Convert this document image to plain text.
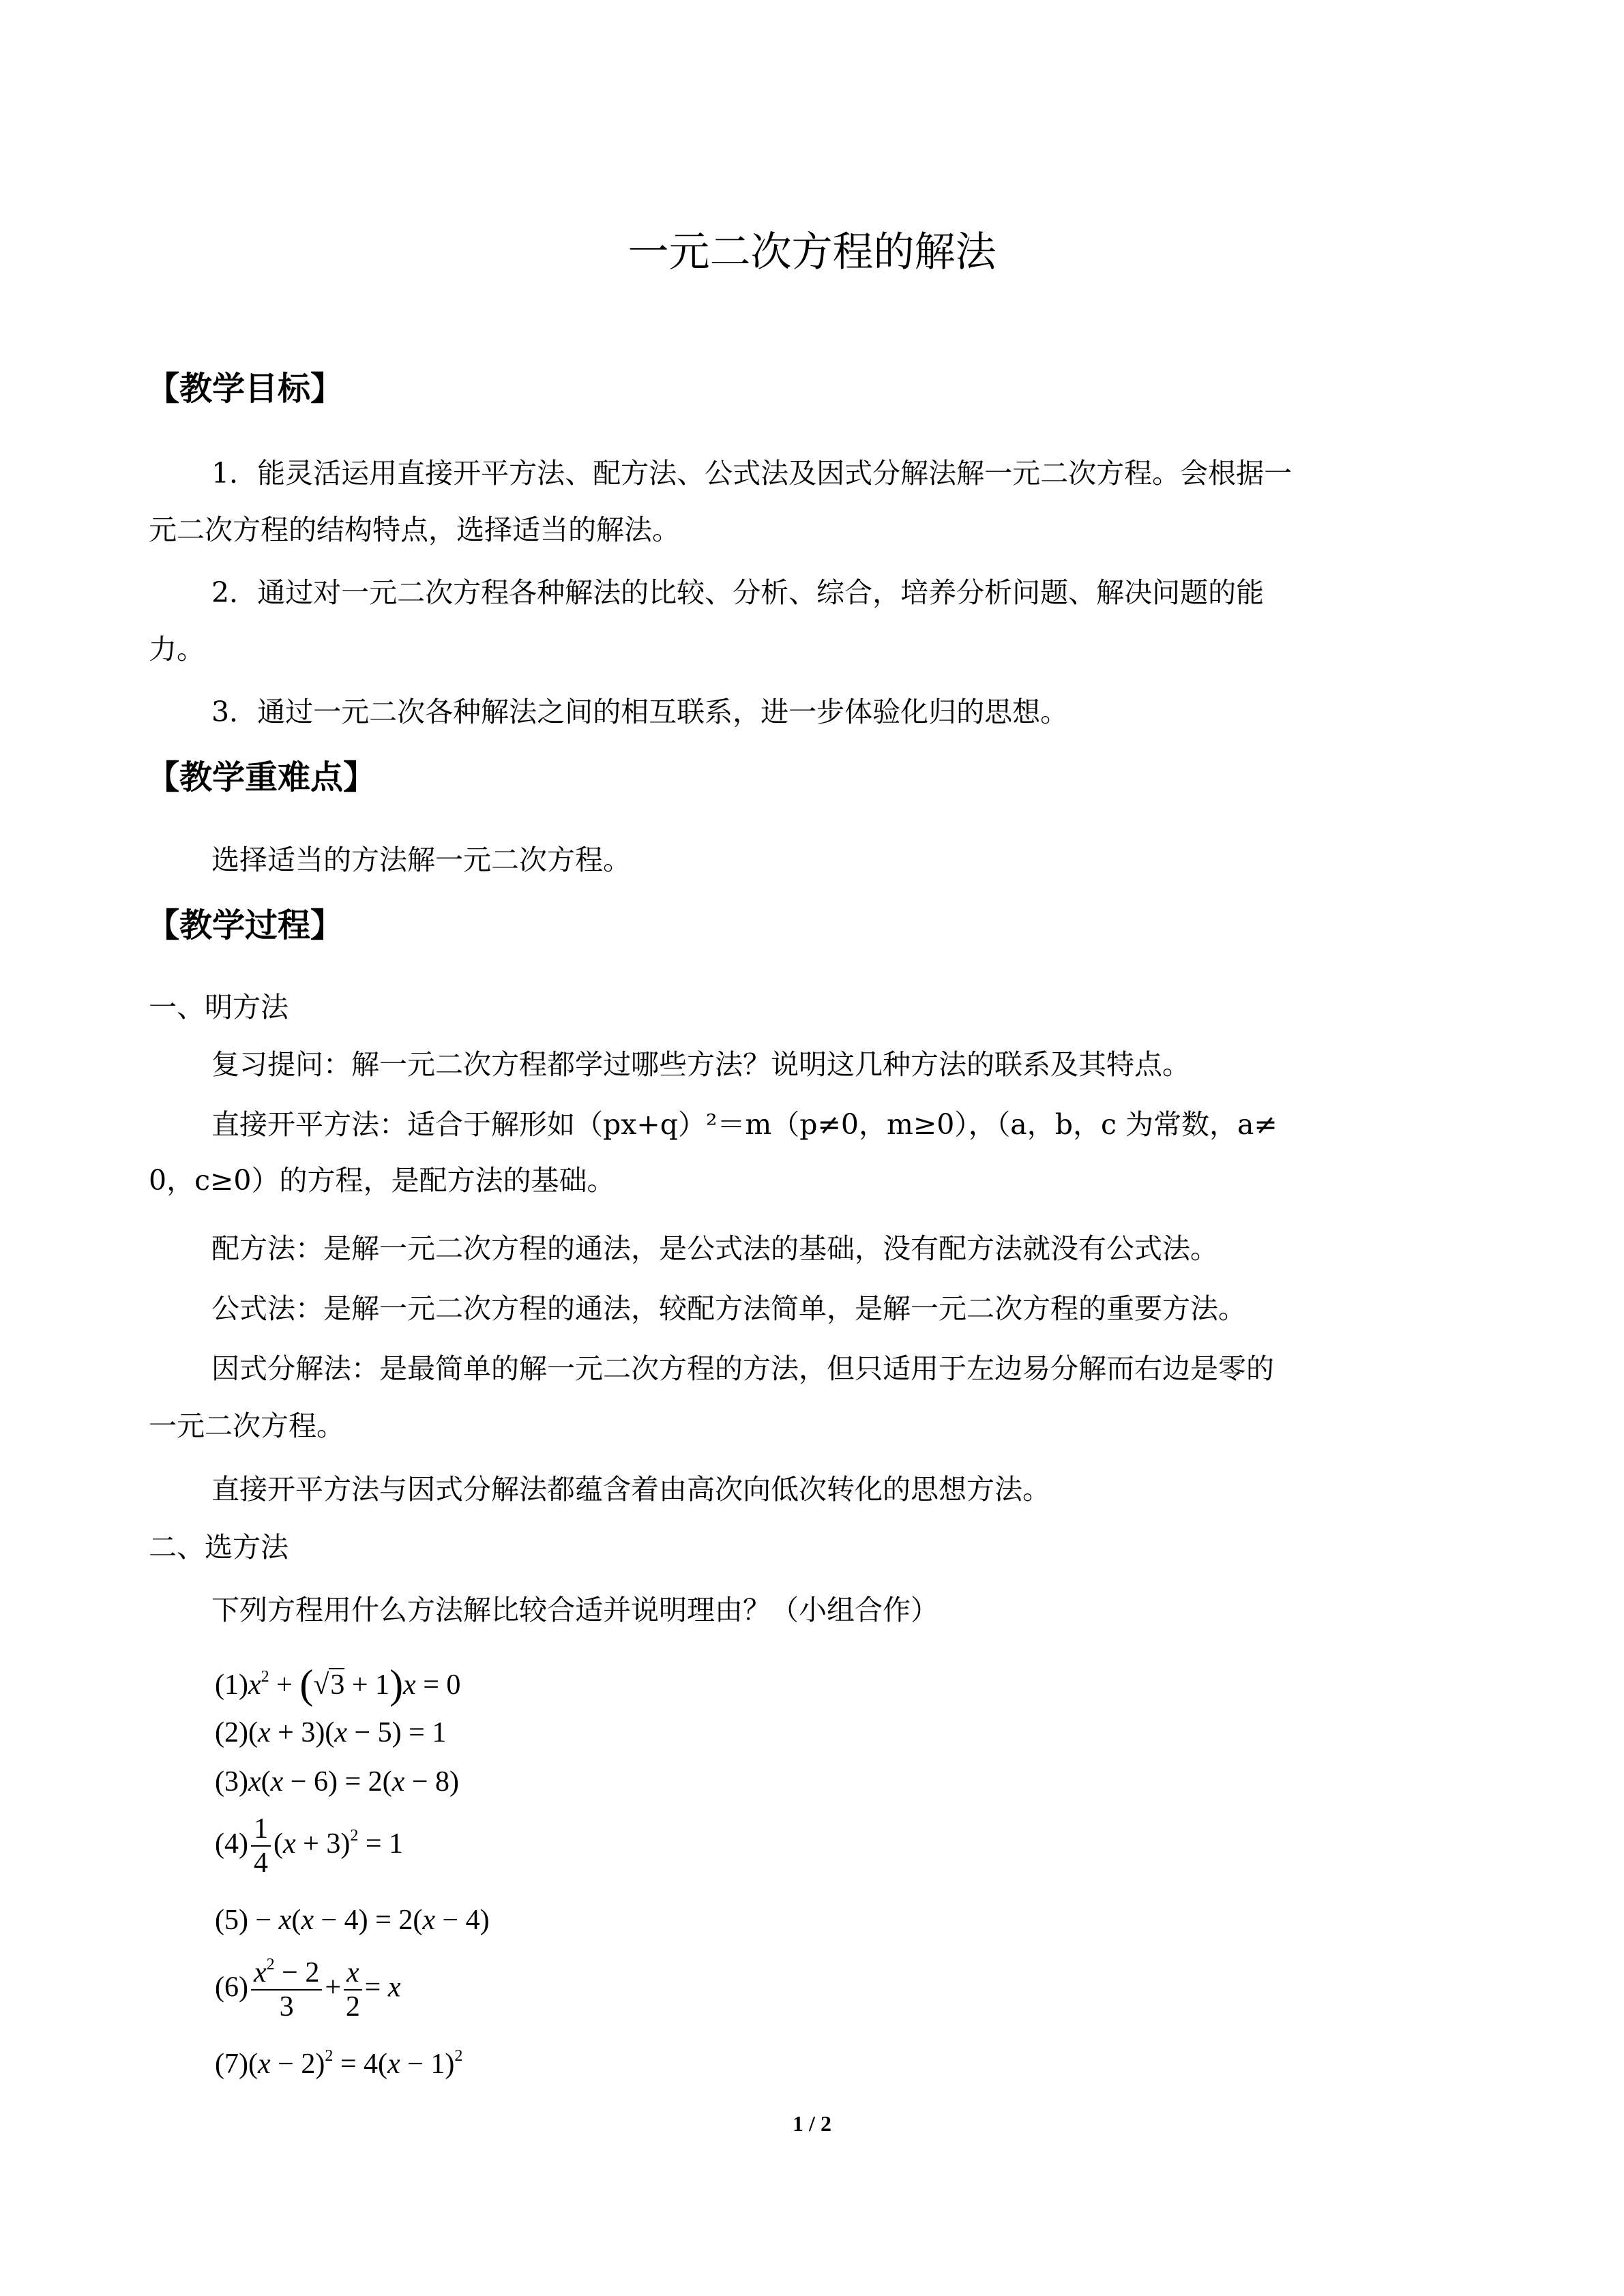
一元二次方程的解法
【教学目标】
1．能灵活运用直接开平方法、配方法、公式法及因式分解法解一元二次方程。会根据一
元二次方程的结构特点，选择适当的解法。
2．通过对一元二次方程各种解法的比较、分析、综合，培养分析问题、解决问题的能
力。
3．通过一元二次各种解法之间的相互联系，进一步体验化归的思想。
【教学重难点】
选择适当的方法解一元二次方程。
【教学过程】
一、明方法
复习提问：解一元二次方程都学过哪些方法？说明这几种方法的联系及其特点。
直接开平方法：适合于解形如（px+q）²＝m（p≠0，m≥0），（a，b，c 为常数，a≠
0，c≥0）的方程，是配方法的基础。
配方法：是解一元二次方程的通法，是公式法的基础，没有配方法就没有公式法。
公式法：是解一元二次方程的通法，较配方法简单，是解一元二次方程的重要方法。
因式分解法：是最简单的解一元二次方程的方法，但只适用于左边易分解而右边是零的
一元二次方程。
直接开平方法与因式分解法都蕴含着由高次向低次转化的思想方法。
二、选方法
下列方程用什么方法解比较合适并说明理由？（小组合作）
$(1)x^2 + (√3 + 1)x = 0$
(2)(x + 3)(x − 5) = 1
(3)x(x − 6) = 2(x − 8)
$(4) \frac{1}{4} (x + 3)^2 = 1$
(5) − x(x − 4) = 2(x − 4)
$(6) \frac{x^2 - 2}{3} + \frac{x}{2} = x$
$(7)(x - 2)^2 = 4(x - 1)^2$
1 / 2
